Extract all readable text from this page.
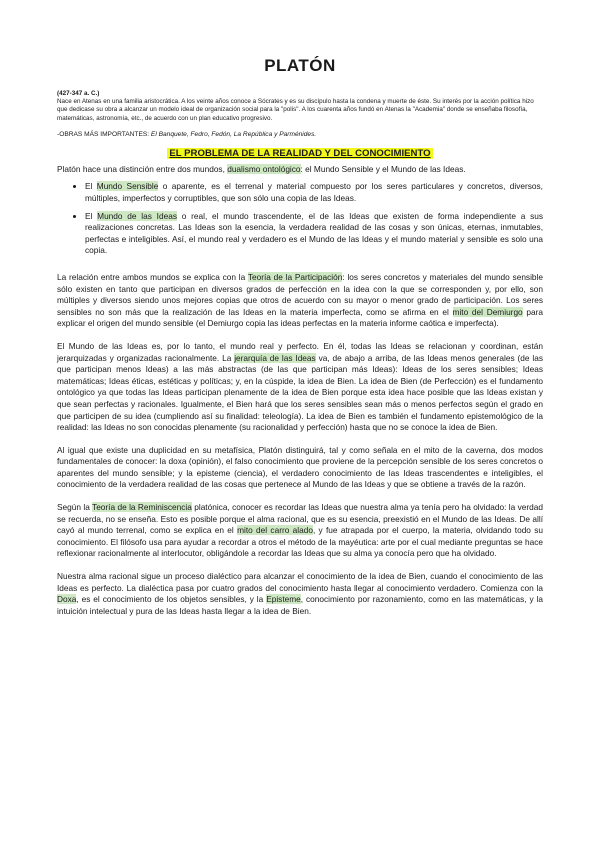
PLATÓN

(427-347 a. C.)
Nace en Atenas en una familia aristocrática. A los veinte años conoce a Sócrates y es su discípulo hasta la condena y muerte de éste. Su interés por la acción política hizo que dedicase su obra a alcanzar un modelo ideal de organización social para la "polis". A los cuarenta años fundó en Atenas la "Academia" donde se enseñaba filosofía, matemáticas, astronomía, etc., de acuerdo con un plan educativo progresivo.

-OBRAS MÁS IMPORTANTES: El Banquete, Fedro, Fedón, La República y Parménides.

EL PROBLEMA DE LA REALIDAD Y DEL CONOCIMIENTO

Platón hace una distinción entre dos mundos, dualismo ontológico: el Mundo Sensible y el Mundo de las Ideas.

• El Mundo Sensible o aparente, es el terrenal y material compuesto por los seres particulares y concretos, diversos, múltiples, imperfectos y corruptibles, que son sólo una copia de las Ideas.
• El Mundo de las Ideas o real, el mundo trascendente, el de las Ideas que existen de forma independiente a sus realizaciones concretas. Las Ideas son la esencia, la verdadera realidad de las cosas y son únicas, eternas, inmutables, perfectas e inteligibles. Así, el mundo real y verdadero es el Mundo de las Ideas y el mundo material y sensible es solo una copia.

La relación entre ambos mundos se explica con la Teoría de la Participación: los seres concretos y materiales del mundo sensible sólo existen en tanto que participan en diversos grados de perfección en la idea con la que se corresponden y, por ello, son múltiples y diversos siendo unos mejores copias que otros de acuerdo con su mayor o menor grado de participación. Los seres sensibles no son más que la realización de las Ideas en la materia imperfecta, como se afirma en el mito del Demiurgo para explicar el origen del mundo sensible (el Demiurgo copia las ideas perfectas en la materia informe caótica e imperfecta).

El Mundo de las Ideas es, por lo tanto, el mundo real y perfecto. En él, todas las Ideas se relacionan y coordinan, están jerarquizadas y organizadas racionalmente. La jerarquía de las Ideas va, de abajo a arriba, de las Ideas menos generales (de las que participan menos Ideas) a las más abstractas (de las que participan más Ideas): Ideas de los seres sensibles; Ideas matemáticas; Ideas éticas, estéticas y políticas; y, en la cúspide, la idea de Bien. La idea de Bien (de Perfección) es el fundamento ontológico ya que todas las Ideas participan plenamente de la idea de Bien porque esta idea hace posible que las Ideas existan y que sean perfectas y racionales. Igualmente, el Bien hará que los seres sensibles sean más o menos perfectos según el grado en que participen de su idea (cumpliendo así su finalidad: teleología). La idea de Bien es también el fundamento epistemológico de la realidad: las Ideas no son conocidas plenamente (su racionalidad y perfección) hasta que no se conoce la idea de Bien.

Al igual que existe una duplicidad en su metafísica, Platón distinguirá, tal y como señala en el mito de la caverna, dos modos fundamentales de conocer: la doxa (opinión), el falso conocimiento que proviene de la percepción sensible de los seres concretos o aparentes del mundo sensible; y la episteme (ciencia), el verdadero conocimiento de las Ideas trascendentes e inteligibles, el conocimiento de la verdadera realidad de las cosas que pertenece al Mundo de las Ideas y que se obtiene a través de la razón.

Según la Teoría de la Reminiscencia platónica, conocer es recordar las Ideas que nuestra alma ya tenía pero ha olvidado: la verdad se recuerda, no se enseña. Esto es posible porque el alma racional, que es su esencia, preexistió en el Mundo de las Ideas. De allí cayó al mundo terrenal, como se explica en el mito del carro alado, y fue atrapada por el cuerpo, la materia, olvidando todo su conocimiento. El filósofo usa para ayudar a recordar a otros el método de la mayéutica: arte por el cual mediante preguntas se hace reflexionar racionalmente al interlocutor, obligándole a recordar las Ideas que su alma ya conocía pero que ha olvidado.

Nuestra alma racional sigue un proceso dialéctico para alcanzar el conocimiento de la idea de Bien, cuando el conocimiento de las Ideas es perfecto. La dialéctica pasa por cuatro grados del conocimiento hasta llegar al conocimiento verdadero. Comienza con la Doxa, es el conocimiento de los objetos sensibles, y la Episteme, conocimiento por razonamiento, como en las matemáticas, y la intuición intelectual y pura de las Ideas hasta llegar a la idea de Bien.
